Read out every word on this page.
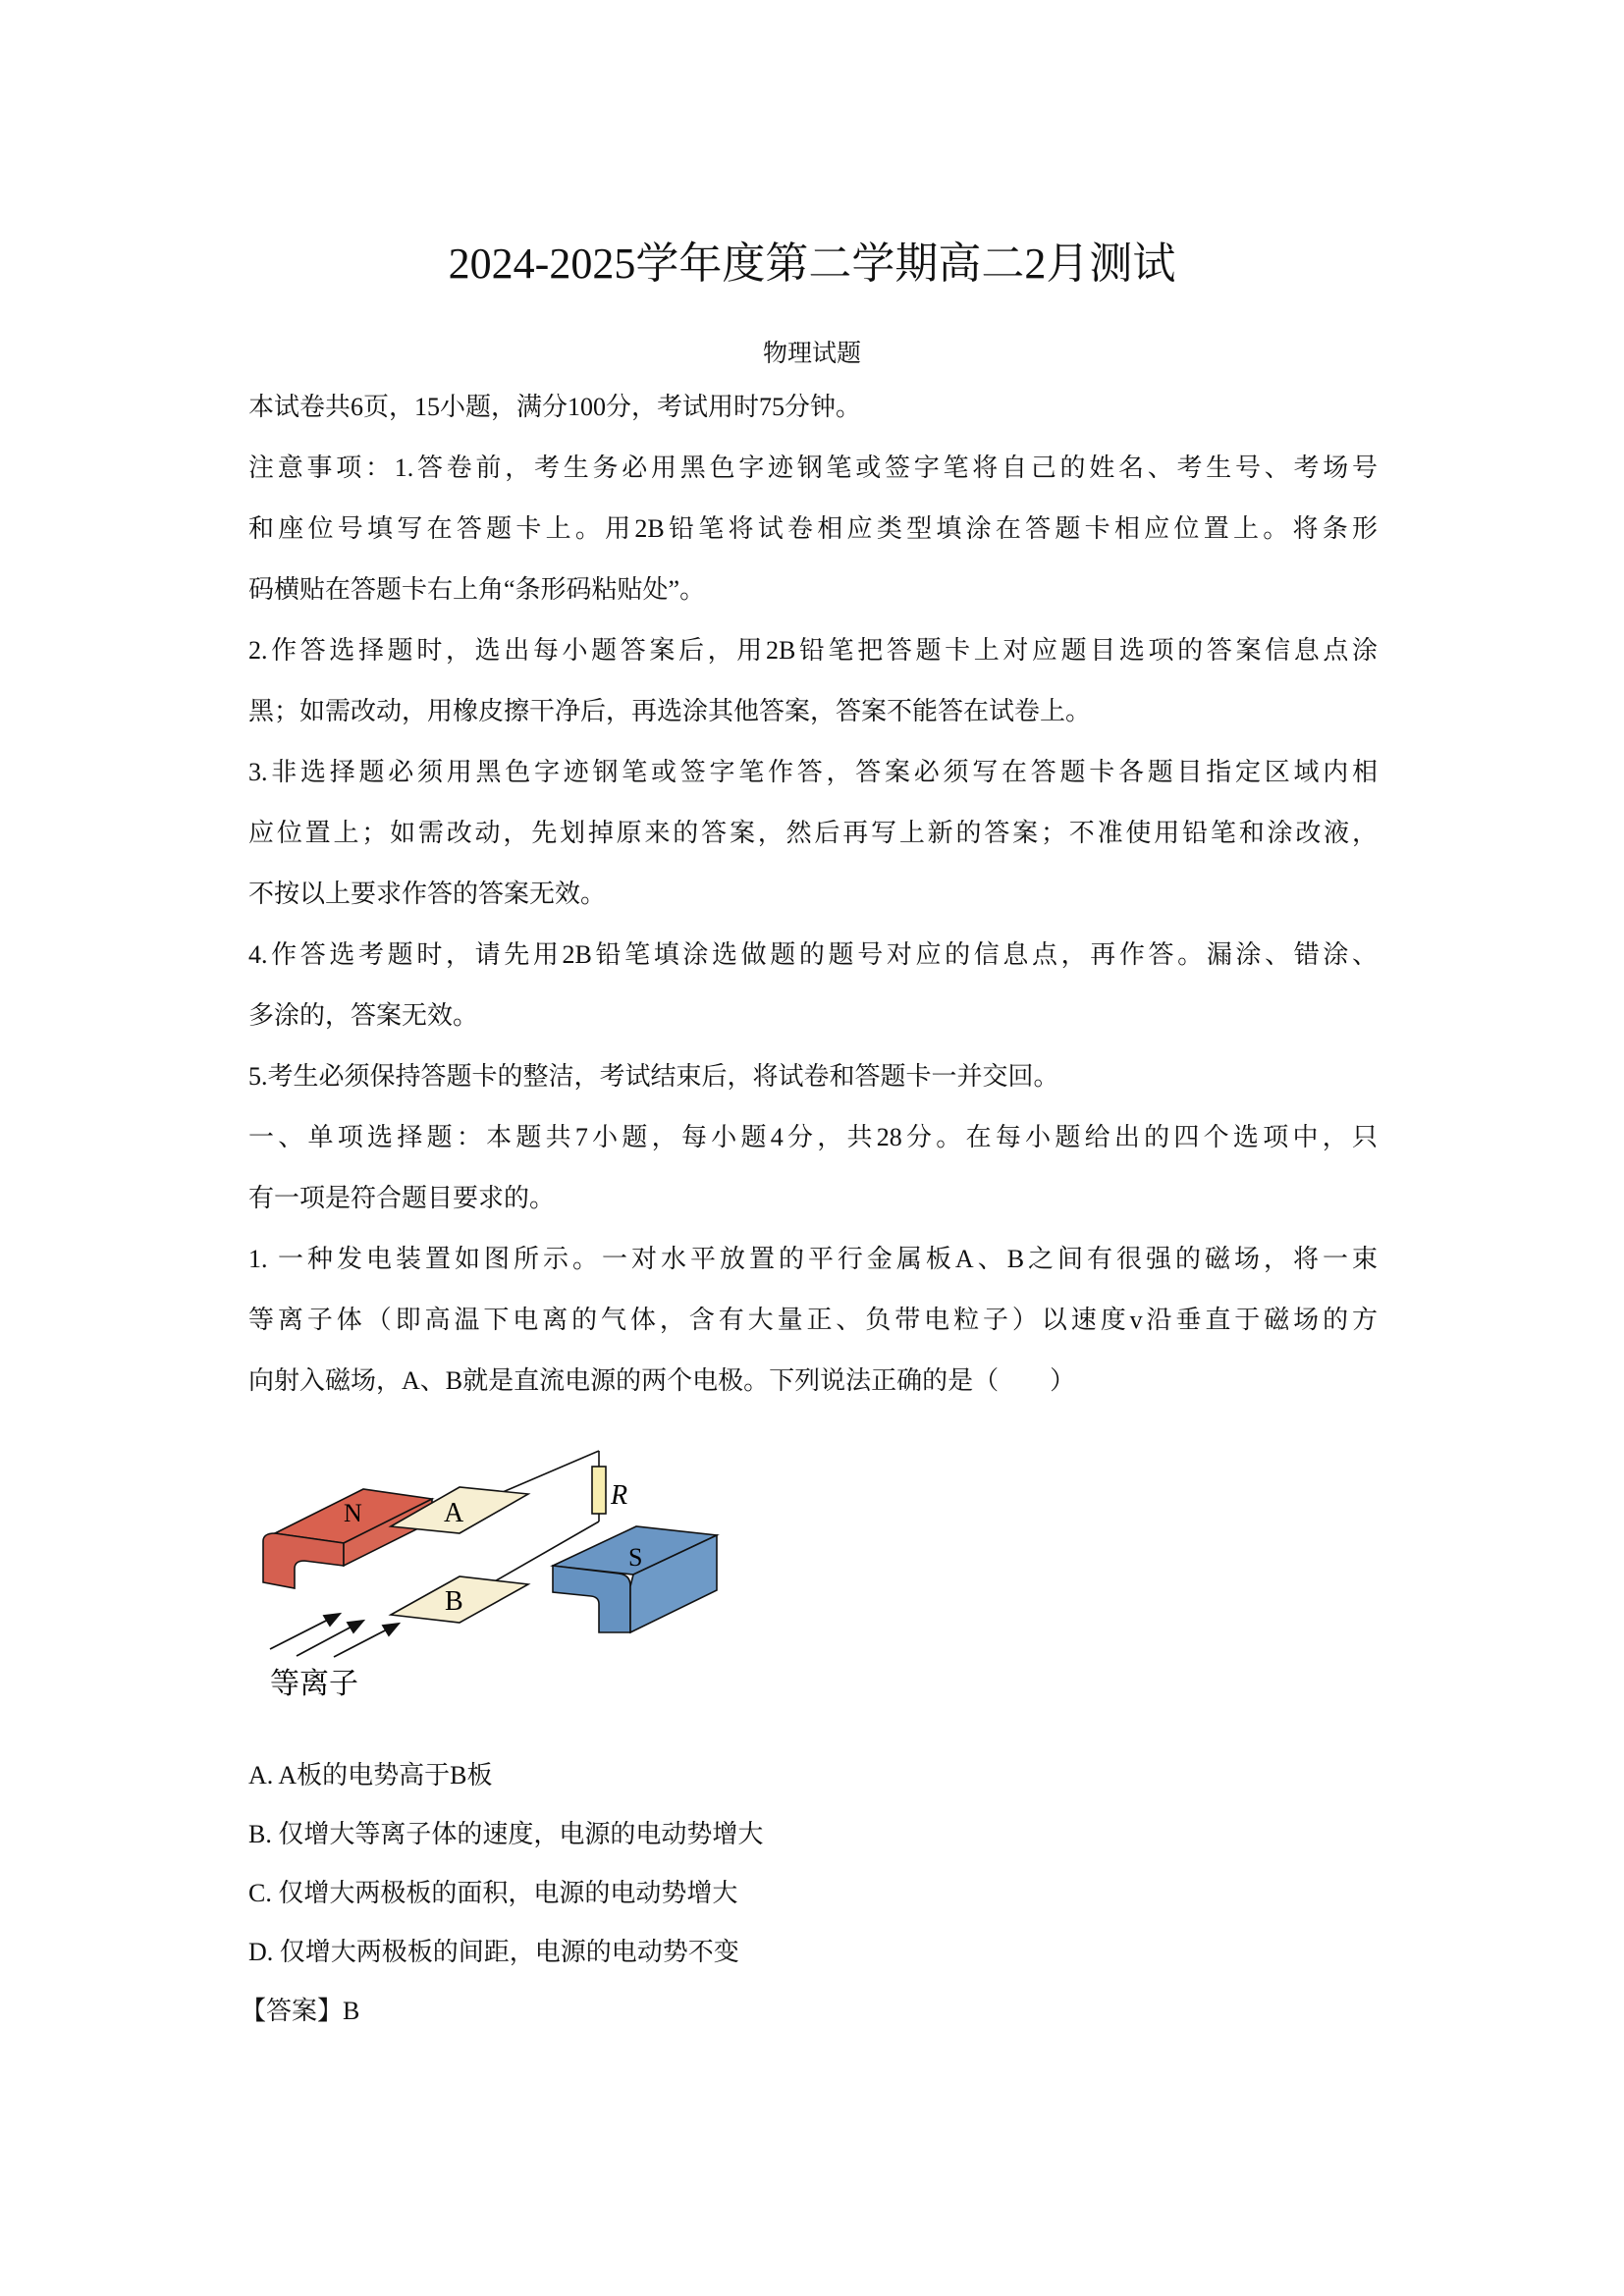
2024-2025学年度第二学期高二2月测试
物理试题
本试卷共6页，15小题，满分100分，考试用时75分钟。
注意事项：1.答卷前，考生务必用黑色字迹钢笔或签字笔将自己的姓名、考生号、考场号
和座位号填写在答题卡上。用2B铅笔将试卷相应类型填涂在答题卡相应位置上。将条形
码横贴在答题卡右上角“条形码粘贴处”。
2.作答选择题时，选出每小题答案后，用2B铅笔把答题卡上对应题目选项的答案信息点涂
黑；如需改动，用橡皮擦干净后，再选涂其他答案，答案不能答在试卷上。
3.非选择题必须用黑色字迹钢笔或签字笔作答，答案必须写在答题卡各题目指定区域内相
应位置上；如需改动，先划掉原来的答案，然后再写上新的答案；不准使用铅笔和涂改液，
不按以上要求作答的答案无效。
4.作答选考题时，请先用2B铅笔填涂选做题的题号对应的信息点，再作答。漏涂、错涂、
多涂的，答案无效。
5.考生必须保持答题卡的整洁，考试结束后，将试卷和答题卡一并交回。
一、单项选择题：本题共7小题，每小题4分，共28分。在每小题给出的四个选项中，只
有一项是符合题目要求的。
1. 一种发电装置如图所示。一对水平放置的平行金属板A、B之间有很强的磁场，将一束
等离子体（即高温下电离的气体，含有大量正、负带电粒子）以速度v沿垂直于磁场的方
向射入磁场，A、B就是直流电源的两个电极。下列说法正确的是（　　）
R
N	A
B
S
等离子
A. A板的电势高于B板
B. 仅增大等离子体的速度，电源的电动势增大
C. 仅增大两极板的面积，电源的电动势增大
D. 仅增大两极板的间距，电源的电动势不变
【答案】B
